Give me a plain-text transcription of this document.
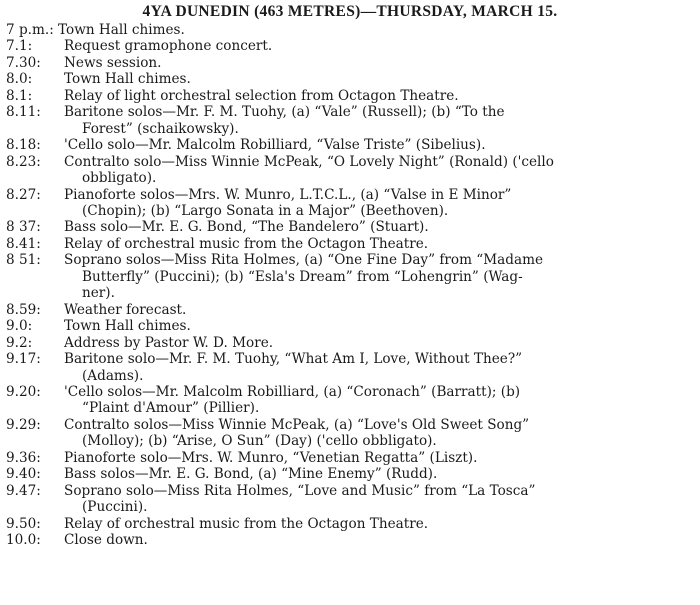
4YA DUNEDIN (463 METRES)—THURSDAY, MARCH 15.
7 p.m.: Town Hall chimes.
7.1: Request gramophone concert.
7.30: News session.
8.0: Town Hall chimes.
8.1: Relay of light orchestral selection from Octagon Theatre.
8.11: Baritone solos—Mr. F. M. Tuohy, (a) “Vale” (Russell); (b) “To the
Forest” (schaikowsky).
8.18: 'Cello solo—Mr. Malcolm Robilliard, “Valse Triste” (Sibelius).
8.23: Contralto solo—Miss Winnie McPeak, “O Lovely Night” (Ronald) ('cello
obbligato).
8.27: Pianoforte solos—Mrs. W. Munro, L.T.C.L., (a) “Valse in E Minor”
(Chopin); (b) “Largo Sonata in a Major” (Beethoven).
8 37: Bass solo—Mr. E. G. Bond, “The Bandelero” (Stuart).
8.41: Relay of orchestral music from the Octagon Theatre.
8 51: Soprano solos—Miss Rita Holmes, (a) “One Fine Day” from “Madame
Butterfly” (Puccini); (b) “Esla's Dream” from “Lohengrin” (Wag-
ner).
8.59: Weather forecast.
9.0: Town Hall chimes.
9.2: Address by Pastor W. D. More.
9.17: Baritone solo—Mr. F. M. Tuohy, “What Am I, Love, Without Thee?”
(Adams).
9.20: 'Cello solos—Mr. Malcolm Robilliard, (a) “Coronach” (Barratt); (b)
“Plaint d'Amour” (Pillier).
9.29: Contralto solos—Miss Winnie McPeak, (a) “Love's Old Sweet Song”
(Molloy); (b) “Arise, O Sun” (Day) ('cello obbligato).
9.36: Pianoforte solo—Mrs. W. Munro, “Venetian Regatta” (Liszt).
9.40: Bass solos—Mr. E. G. Bond, (a) “Mine Enemy” (Rudd).
9.47: Soprano solo—Miss Rita Holmes, “Love and Music” from “La Tosca”
(Puccini).
9.50: Relay of orchestral music from the Octagon Theatre.
10.0: Close down.
